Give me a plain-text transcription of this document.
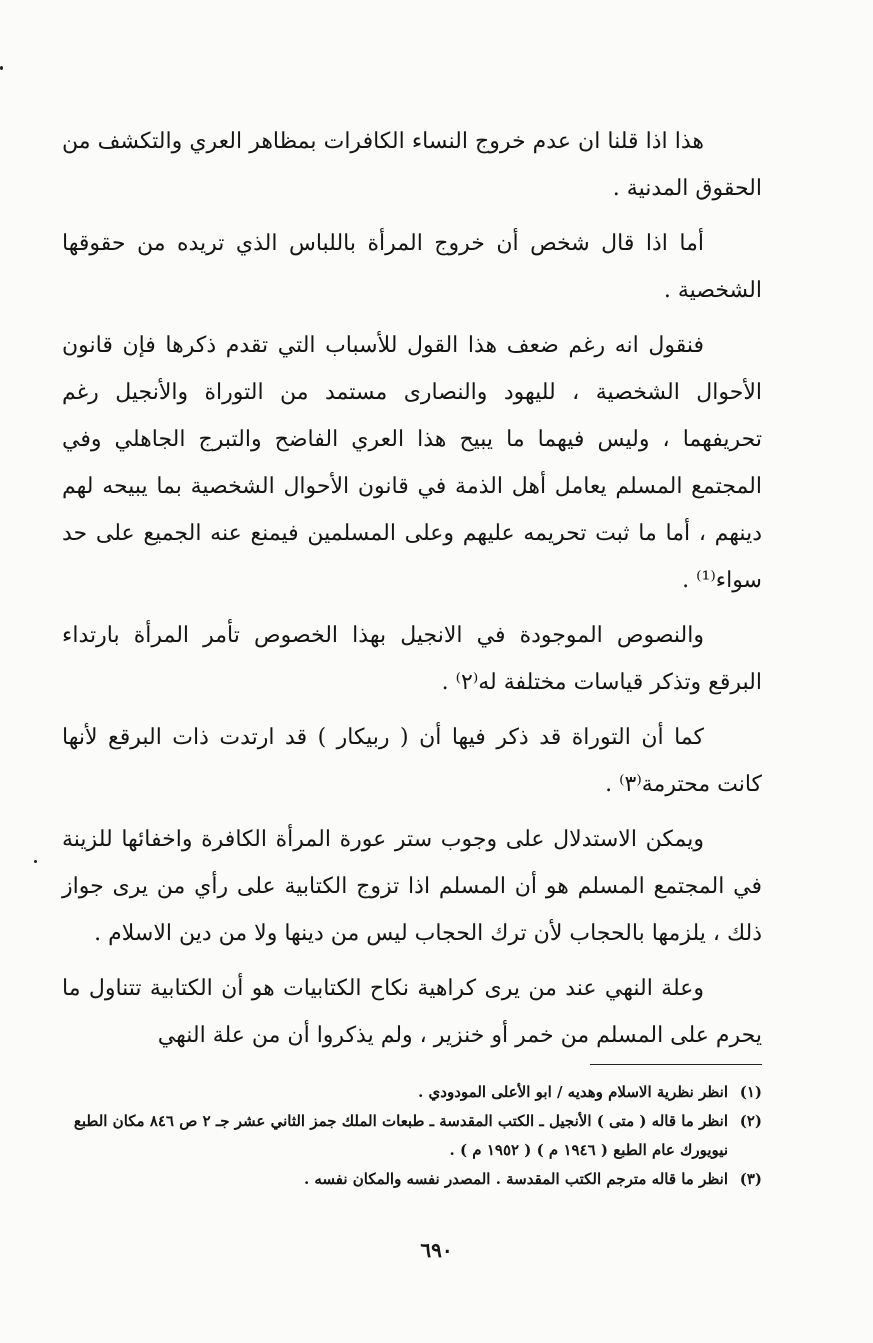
هذا اذا قلنا ان عدم خروج النساء الكافرات بمظاهر العري والتكشف من الحقوق المدنية .

أما اذا قال شخص أن خروج المرأة باللباس الذي تريده من حقوقها الشخصية .

فنقول انه رغم ضعف هذا القول للأسباب التي تقدم ذكرها فإن قانون الأحوال الشخصية ، لليهود والنصارى مستمد من التوراة والأنجيل رغم تحريفهما ، وليس فيهما ما يبيح هذا العري الفاضح والتبرج الجاهلي وفي المجتمع المسلم يعامل أهل الذمة في قانون الأحوال الشخصية بما يبيحه لهم دينهم ، أما ما ثبت تحريمه عليهم وعلى المسلمين فيمنع عنه الجميع على حد سواء⁽¹⁾ .

والنصوص الموجودة في الانجيل بهذا الخصوص تأمر المرأة بارتداء البرقع وتذكر قياسات مختلفة له⁽٢⁾ .

كما أن التوراة قد ذكر فيها أن ( ربيكار ) قد ارتدت ذات البرقع لأنها كانت محترمة⁽٣⁾ .

ويمكن الاستدلال على وجوب ستر عورة المرأة الكافرة واخفائها للزينة في المجتمع المسلم هو أن المسلم اذا تزوج الكتابية على رأي من يرى جواز ذلك ، يلزمها بالحجاب لأن ترك الحجاب ليس من دينها ولا من دين الاسلام .

وعلة النهي عند من يرى كراهية نكاح الكتابيات هو أن الكتابية تتناول ما يحرم على المسلم من خمر أو خنزير ، ولم يذكروا أن من علة النهي

(١)
انظر نظرية الاسلام وهديه / ابو الأعلى المودودي .
(٢)
انظر ما قاله ( متى ) الأنجيل ـ الكتب المقدسة ـ طبعات الملك جمز الثاني عشر جـ ٢ ص ٨٤٦ مكان الطبع نيويورك عام الطبع ( ١٩٤٦ م ) ( ١٩٥٢ م ) .
(٣)
انظر ما قاله مترجم الكتب المقدسة . المصدر نفسه والمكان نفسه .
٦٩٠
